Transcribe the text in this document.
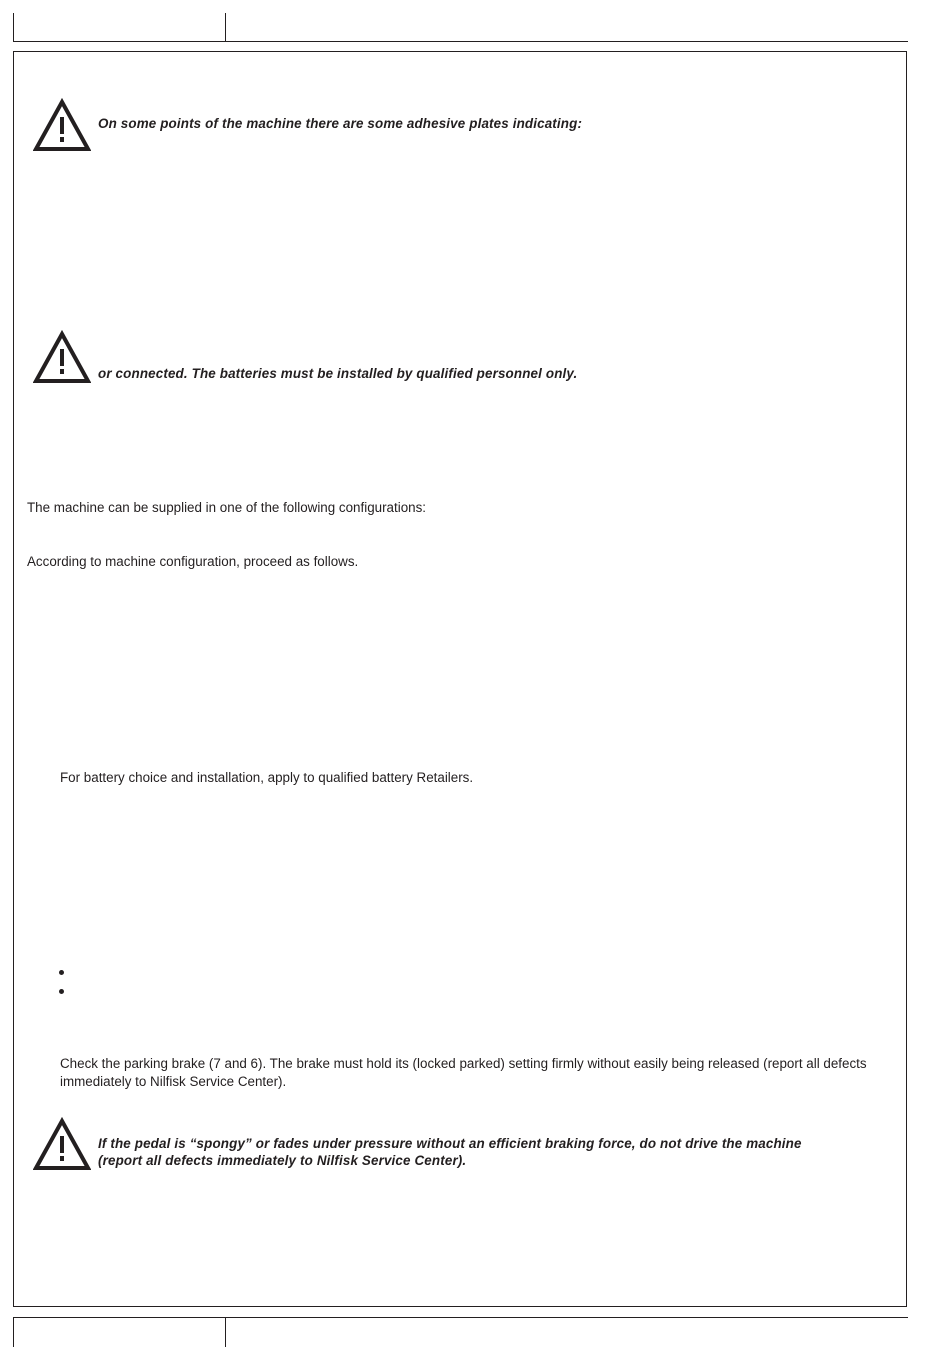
On some points of the machine there are some adhesive plates indicating:
or connected. The batteries must be installed by qualified personnel only.
The machine can be supplied in one of the following configurations:
According to machine configuration, proceed as follows.
For battery choice and installation, apply to qualified battery Retailers.
Check the parking brake (7 and 6). The brake must hold its (locked parked) setting firmly without easily being released (report all defects immediately to Nilfisk Service Center).
If the pedal is “spongy” or fades under pressure without an efficient braking force, do not drive the machine
(report all defects immediately to Nilfisk Service Center).
